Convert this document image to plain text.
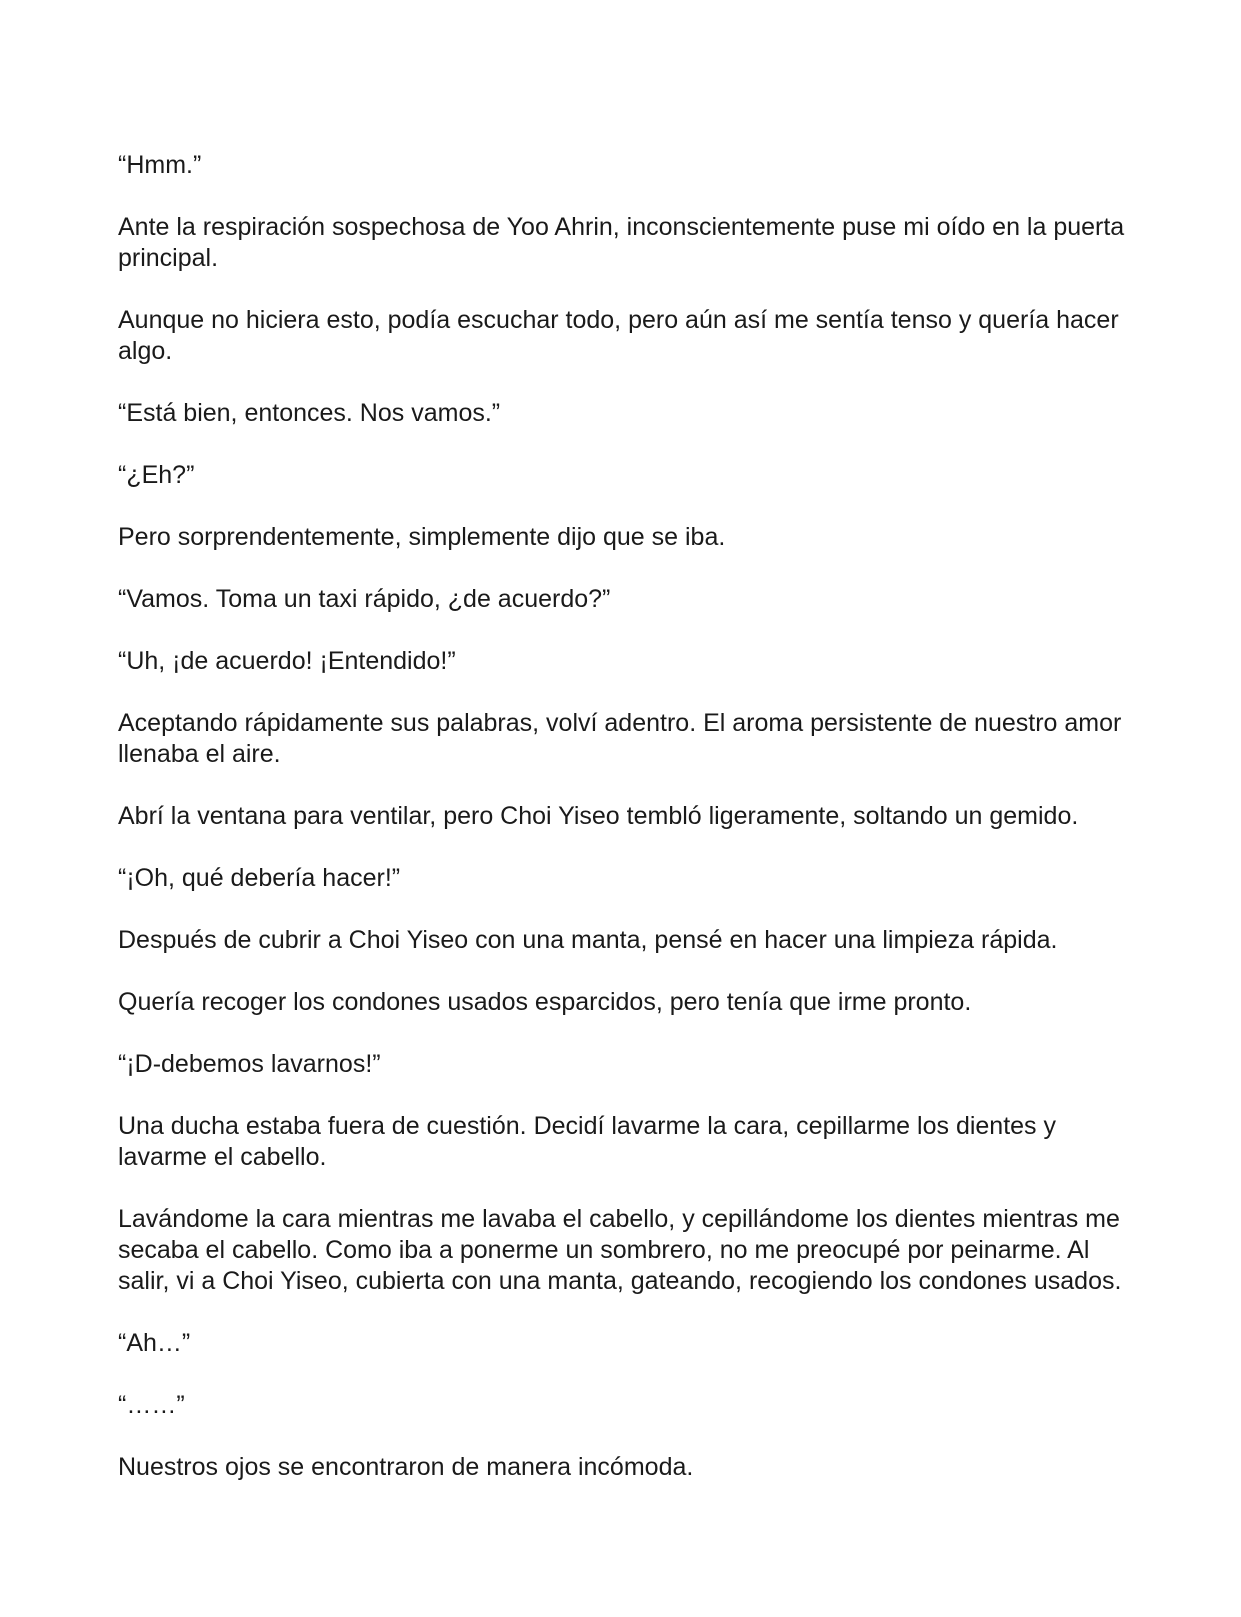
“Hmm.”

Ante la respiración sospechosa de Yoo Ahrin, inconscientemente puse mi oído en la puerta principal.

Aunque no hiciera esto, podía escuchar todo, pero aún así me sentía tenso y quería hacer algo.

“Está bien, entonces. Nos vamos.”

“¿Eh?”

Pero sorprendentemente, simplemente dijo que se iba.

“Vamos. Toma un taxi rápido, ¿de acuerdo?”

“Uh, ¡de acuerdo! ¡Entendido!”

Aceptando rápidamente sus palabras, volví adentro. El aroma persistente de nuestro amor llenaba el aire.

Abrí la ventana para ventilar, pero Choi Yiseo tembló ligeramente, soltando un gemido.

“¡Oh, qué debería hacer!”

Después de cubrir a Choi Yiseo con una manta, pensé en hacer una limpieza rápida.

Quería recoger los condones usados esparcidos, pero tenía que irme pronto.

“¡D-debemos lavarnos!”

Una ducha estaba fuera de cuestión. Decidí lavarme la cara, cepillarme los dientes y lavarme el cabello.

Lavándome la cara mientras me lavaba el cabello, y cepillándome los dientes mientras me secaba el cabello. Como iba a ponerme un sombrero, no me preocupé por peinarme. Al salir, vi a Choi Yiseo, cubierta con una manta, gateando, recogiendo los condones usados.

“Ah…”

“……”

Nuestros ojos se encontraron de manera incómoda.
